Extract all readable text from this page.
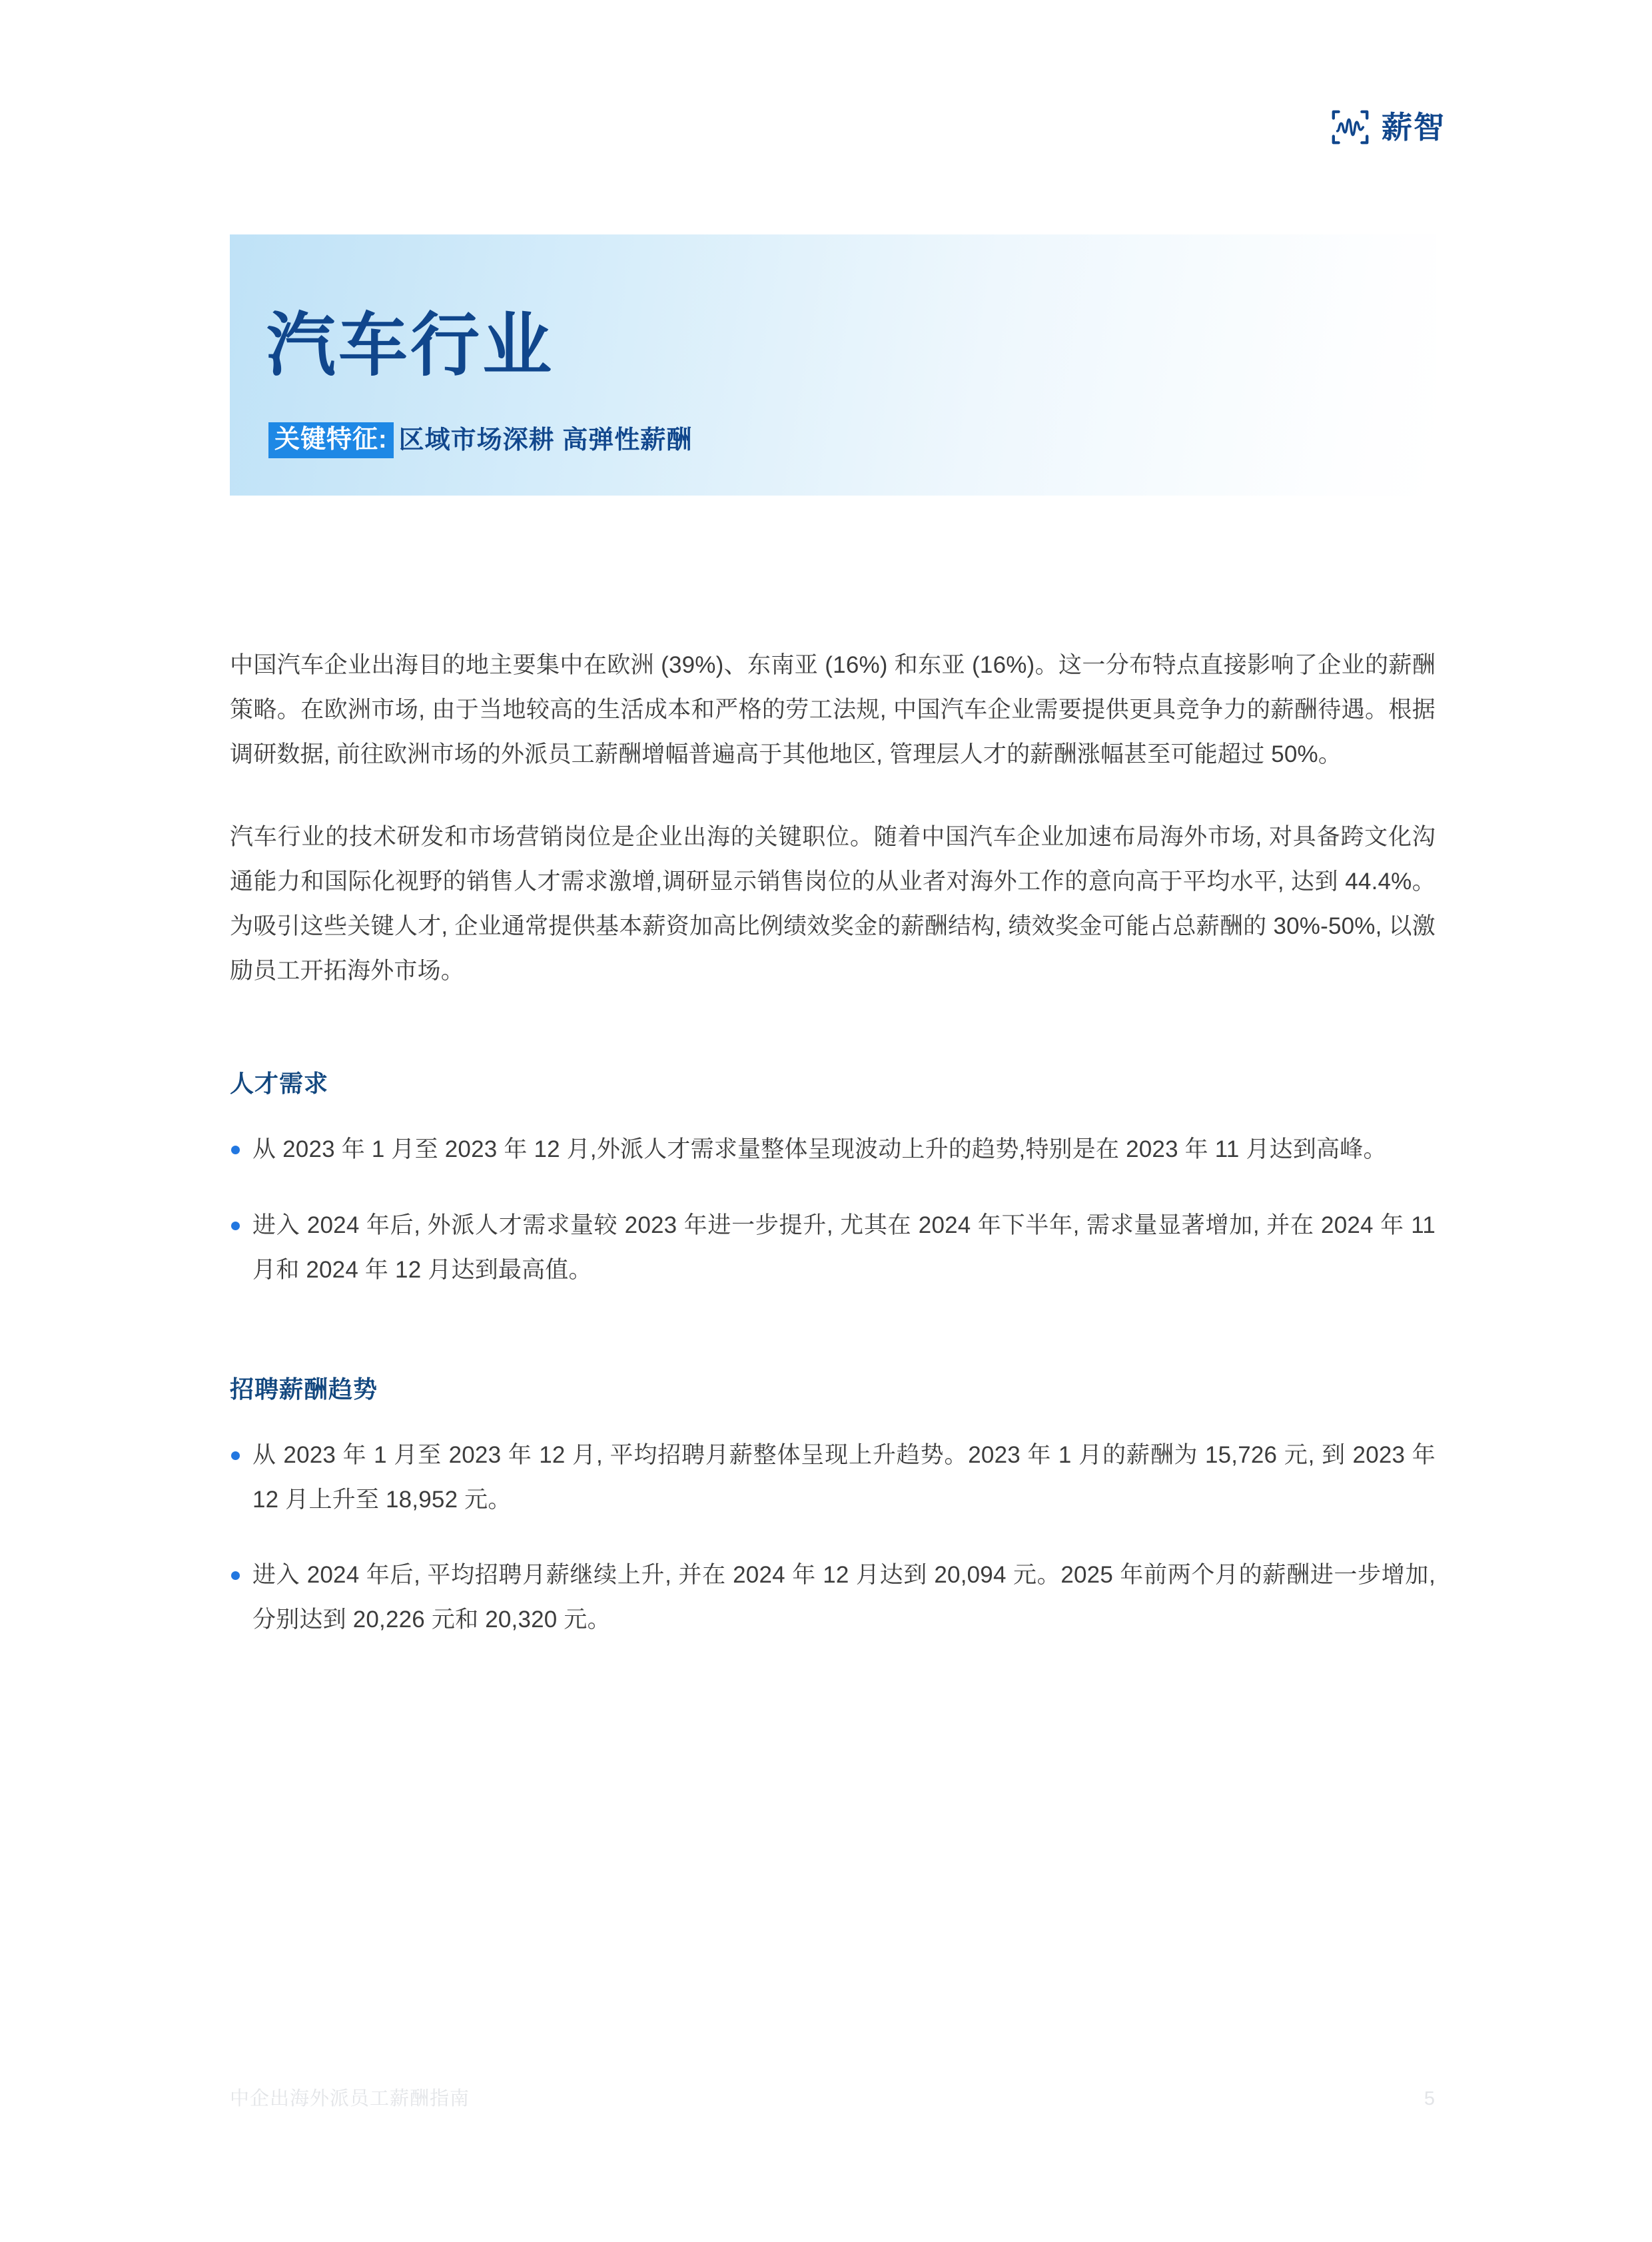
薪智
汽车行业
关键特征: 区域市场深耕 高弹性薪酬

中国汽车企业出海目的地主要集中在欧洲 (39%)、东南亚 (16%) 和东亚 (16%)。这一分布特点直接影响了企业的薪酬策略。在欧洲市场, 由于当地较高的生活成本和严格的劳工法规, 中国汽车企业需要提供更具竞争力的薪酬待遇。根据调研数据, 前往欧洲市场的外派员工薪酬增幅普遍高于其他地区, 管理层人才的薪酬涨幅甚至可能超过 50%。

汽车行业的技术研发和市场营销岗位是企业出海的关键职位。随着中国汽车企业加速布局海外市场, 对具备跨文化沟通能力和国际化视野的销售人才需求激增,调研显示销售岗位的从业者对海外工作的意向高于平均水平, 达到 44.4%。为吸引这些关键人才, 企业通常提供基本薪资加高比例绩效奖金的薪酬结构, 绩效奖金可能占总薪酬的 30%-50%, 以激励员工开拓海外市场。

人才需求
从 2023 年 1 月至 2023 年 12 月,外派人才需求量整体呈现波动上升的趋势,特别是在 2023 年 11 月达到高峰。
进入 2024 年后, 外派人才需求量较 2023 年进一步提升, 尤其在 2024 年下半年, 需求量显著增加, 并在 2024 年 11 月和 2024 年 12 月达到最高值。
招聘薪酬趋势
从 2023 年 1 月至 2023 年 12 月, 平均招聘月薪整体呈现上升趋势。2023 年 1 月的薪酬为 15,726 元, 到 2023 年 12 月上升至 18,952 元。
进入 2024 年后, 平均招聘月薪继续上升, 并在 2024 年 12 月达到 20,094 元。2025 年前两个月的薪酬进一步增加, 分别达到 20,226 元和 20,320 元。
中企出海外派员工薪酬指南	5
